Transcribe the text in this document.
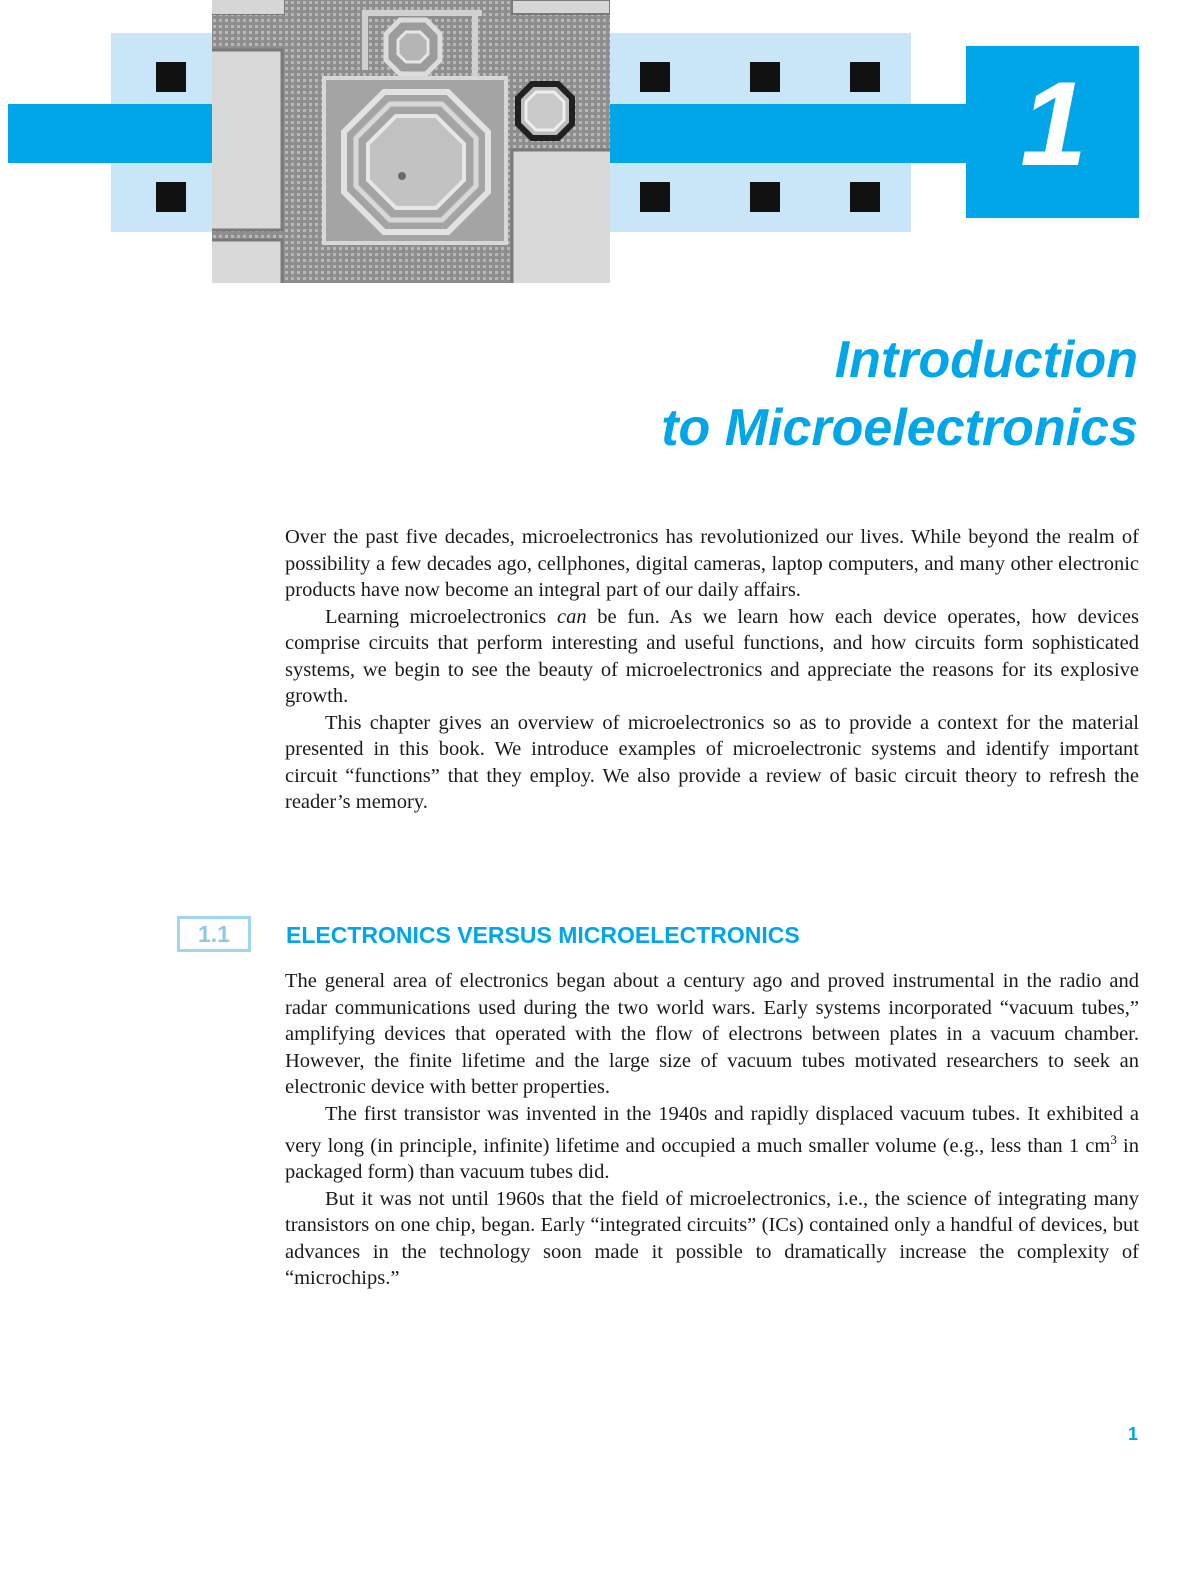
1
Introduction
to Microelectronics

Over the past five decades, microelectronics has revolutionized our lives. While beyond the realm of possibility a few decades ago, cellphones, digital cameras, laptop computers, and many other electronic products have now become an integral part of our daily affairs.

Learning microelectronics can be fun. As we learn how each device operates, how devices comprise circuits that perform interesting and useful functions, and how circuits form sophisticated systems, we begin to see the beauty of microelectronics and appreciate the reasons for its explosive growth.

This chapter gives an overview of microelectronics so as to provide a context for the material presented in this book. We introduce examples of microelectronic systems and identify important circuit “functions” that they employ. We also provide a review of basic circuit theory to refresh the reader’s memory.

1.1	ELECTRONICS VERSUS MICROELECTRONICS

The general area of electronics began about a century ago and proved instrumental in the radio and radar communications used during the two world wars. Early systems incorporated “vacuum tubes,” amplifying devices that operated with the flow of electrons between plates in a vacuum chamber. However, the finite lifetime and the large size of vacuum tubes motivated researchers to seek an electronic device with better properties.

The first transistor was invented in the 1940s and rapidly displaced vacuum tubes. It exhibited a very long (in principle, infinite) lifetime and occupied a much smaller volume (e.g., less than 1 $cm^3$ in packaged form) than vacuum tubes did.

But it was not until 1960s that the field of microelectronics, i.e., the science of integrating many transistors on one chip, began. Early “integrated circuits” (ICs) contained only a handful of devices, but advances in the technology soon made it possible to dramatically increase the complexity of “microchips.”

1
